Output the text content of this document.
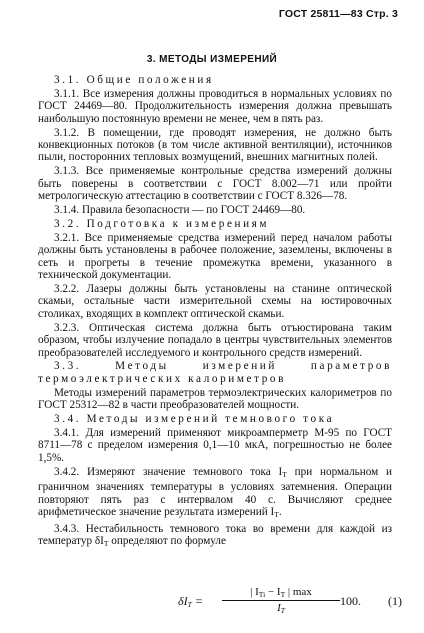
ГОСТ 25811—83 Стр. 3
3. МЕТОДЫ ИЗМЕРЕНИЙ

3.1. Общие положения

3.1.1. Все измерения должны проводиться в нормальных условиях по ГОСТ 24469—80. Продолжительность измерения должна превышать наибольшую постоянную времени не менее, чем в пять раз.

3.1.2. В помещении, где проводят измерения, не должно быть конвекционных потоков (в том числе активной вентиляции), источников пыли, посторонних тепловых возмущений, внешних магнитных полей.

3.1.3. Все применяемые контрольные средства измерений должны быть поверены в соответствии с ГОСТ 8.002—71 или пройти метрологическую аттестацию в соответствии с ГОСТ 8.326—78.

3.1.4. Правила безопасности — по ГОСТ 24469—80.

3.2. Подготовка к измерениям

3.2.1. Все применяемые средства измерений перед началом работы должны быть установлены в рабочее положение, заземлены, включены в сеть и прогреты в течение промежутка времени, указанного в технической документации.

3.2.2. Лазеры должны быть установлены на станине оптической скамьи, остальные части измерительной схемы на юстировочных столиках, входящих в комплект оптической скамьи.

3.2.3. Оптическая система должна быть отъюстирована таким образом, чтобы излучение попадало в центры чувствительных элементов преобразователей исследуемого и контрольного средств измерений.

3.3. Методы измерений параметров термоэлектрических калориметров

Методы измерений параметров термоэлектрических калориметров по ГОСТ 25312—82 в части преобразователей мощности.

3.4. Методы измерений темнового тока

3.4.1. Для измерений применяют микроамперметр М-95 по ГОСТ 8711—78 с пределом измерения 0,1—10 мкА, погрешностью не более 1,5%.

3.4.2. Измеряют значение темнового тока $I_T$ при нормальном и граничном значениях температуры в условиях затемнения. Операции повторяют пять раз с интервалом 40 с. Вычисляют среднее арифметическое значение результата измерений $I_T$.

3.4.3. Нестабильность темнового тока во времени для каждой из температур $\delta I_T$ определяют по формуле

$\delta I_T$ =
| $I_{Ti} - I_T$ | max
$I_T$
100. (1)
